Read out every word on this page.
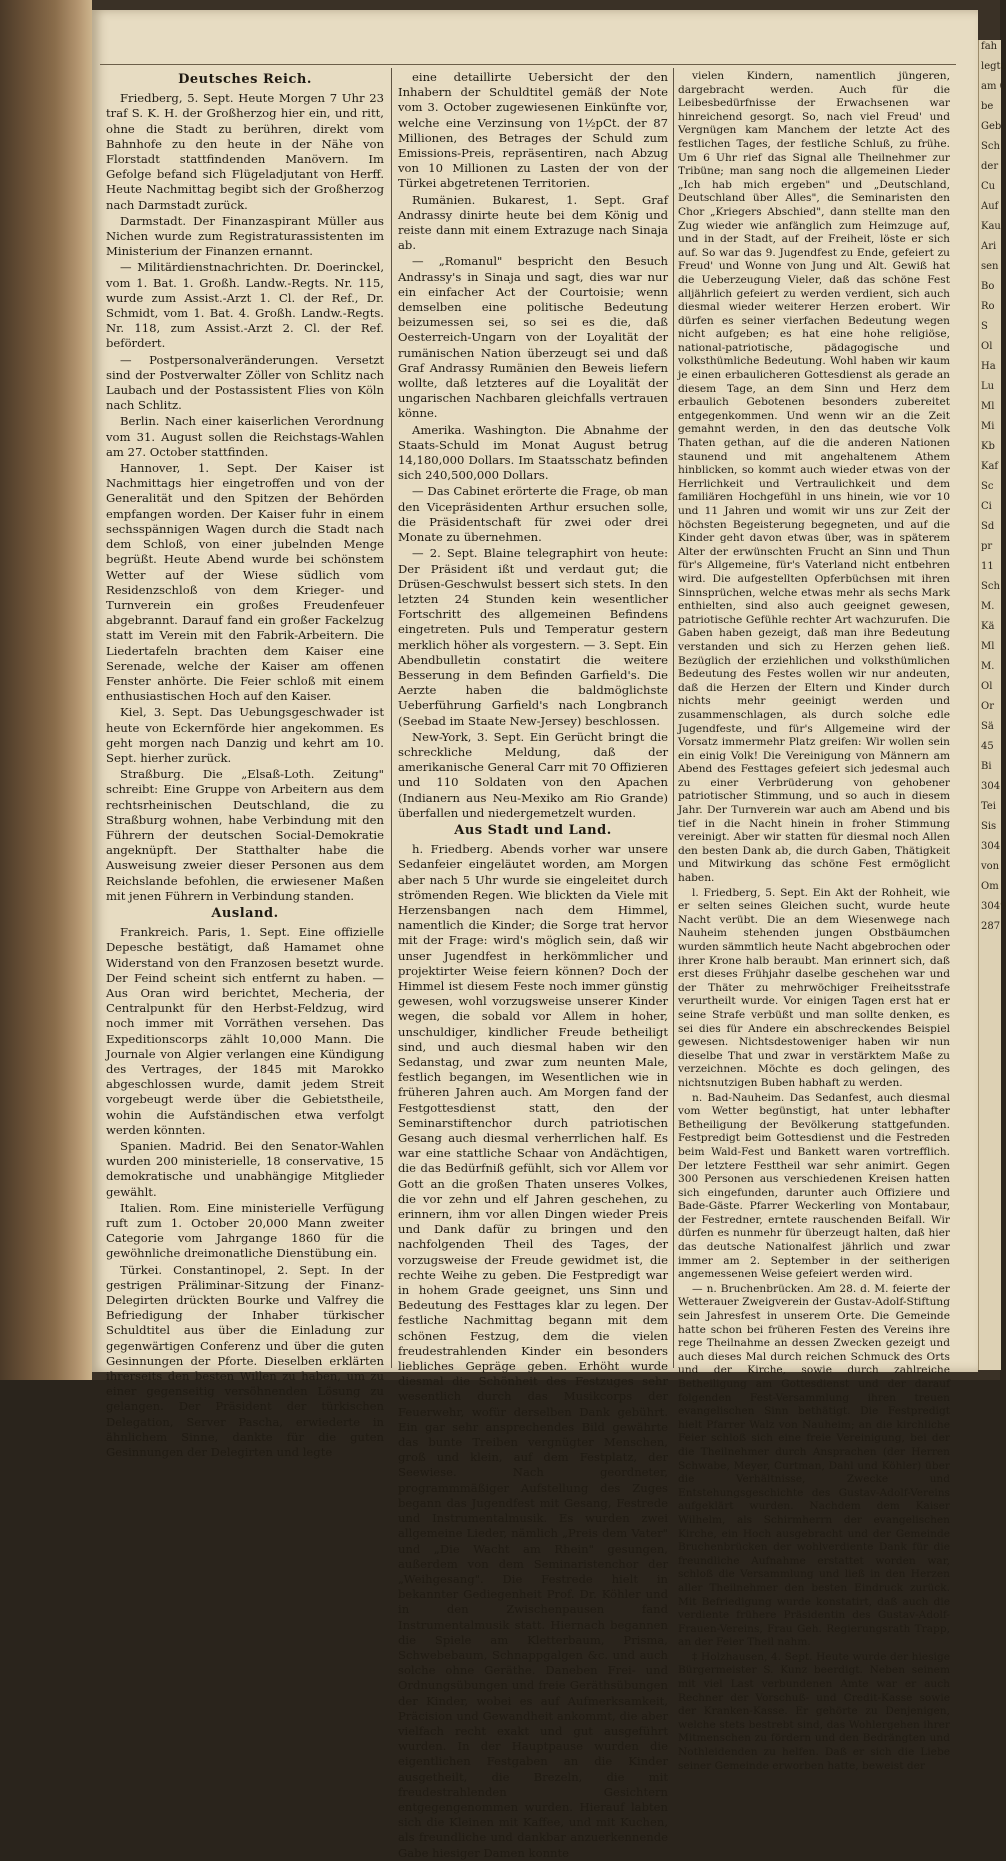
Deutsches Reich.

Friedberg, 5. Sept. Heute Morgen 7 Uhr 23 traf S. K. H. der Großherzog hier ein, und ritt, ohne die Stadt zu berühren, direkt vom Bahnhofe zu den heute in der Nähe von Florstadt stattfindenden Manövern. Im Gefolge befand sich Flügeladjutant von Herff. Heute Nachmittag begibt sich der Großherzog nach Darmstadt zurück.

Darmstadt. Der Finanzaspirant Müller aus Nichen wurde zum Registraturassistenten im Ministerium der Finanzen ernannt.

— Militärdienstnachrichten. Dr. Doerinckel, vom 1. Bat. 1. Großh. Landw.-Regts. Nr. 115, wurde zum Assist.-Arzt 1. Cl. der Ref., Dr. Schmidt, vom 1. Bat. 4. Großh. Landw.-Regts. Nr. 118, zum Assist.-Arzt 2. Cl. der Ref. befördert.

— Postpersonalveränderungen. Versetzt sind der Postverwalter Zöller von Schlitz nach Laubach und der Postassistent Flies von Köln nach Schlitz.

Berlin. Nach einer kaiserlichen Verordnung vom 31. August sollen die Reichstags-Wahlen am 27. October stattfinden.

Hannover, 1. Sept. Der Kaiser ist Nachmittags hier eingetroffen und von der Generalität und den Spitzen der Behörden empfangen worden. Der Kaiser fuhr in einem sechsspännigen Wagen durch die Stadt nach dem Schloß, von einer jubelnden Menge begrüßt. Heute Abend wurde bei schönstem Wetter auf der Wiese südlich vom Residenzschloß von dem Krieger- und Turnverein ein großes Freudenfeuer abgebrannt. Darauf fand ein großer Fackelzug statt im Verein mit den Fabrik-Arbeitern. Die Liedertafeln brachten dem Kaiser eine Serenade, welche der Kaiser am offenen Fenster anhörte. Die Feier schloß mit einem enthusiastischen Hoch auf den Kaiser.

Kiel, 3. Sept. Das Uebungsgeschwader ist heute von Eckernförde hier angekommen. Es geht morgen nach Danzig und kehrt am 10. Sept. hierher zurück.

Straßburg. Die „Elsaß-Loth. Zeitung" schreibt: Eine Gruppe von Arbeitern aus dem rechtsrheinischen Deutschland, die zu Straßburg wohnen, habe Verbindung mit den Führern der deutschen Social-Demokratie angeknüpft. Der Statthalter habe die Ausweisung zweier dieser Personen aus dem Reichslande befohlen, die erwiesener Maßen mit jenen Führern in Verbindung standen.

Ausland.

Frankreich. Paris, 1. Sept. Eine offizielle Depesche bestätigt, daß Hamamet ohne Widerstand von den Franzosen besetzt wurde. Der Feind scheint sich entfernt zu haben. — Aus Oran wird berichtet, Mecheria, der Centralpunkt für den Herbst-Feldzug, wird noch immer mit Vorräthen versehen. Das Expeditionscorps zählt 10,000 Mann. Die Journale von Algier verlangen eine Kündigung des Vertrages, der 1845 mit Marokko abgeschlossen wurde, damit jedem Streit vorgebeugt werde über die Gebietstheile, wohin die Aufständischen etwa verfolgt werden könnten.

Spanien. Madrid. Bei den Senator-Wahlen wurden 200 ministerielle, 18 conservative, 15 demokratische und unabhängige Mitglieder gewählt.

Italien. Rom. Eine ministerielle Verfügung ruft zum 1. October 20,000 Mann zweiter Categorie vom Jahrgange 1860 für die gewöhnliche dreimonatliche Dienstübung ein.

Türkei. Constantinopel, 2. Sept. In der gestrigen Präliminar-Sitzung der Finanz-Delegirten drückten Bourke und Valfrey die Befriedigung der Inhaber türkischer Schuldtitel aus über die Einladung zur gegenwärtigen Conferenz und über die guten Gesinnungen der Pforte. Dieselben erklärten ihrerseits den besten Willen zu haben, um zu einer gegenseitig versöhnenden Lösung zu gelangen. Der Präsident der türkischen Delegation, Server Pascha, erwiederte in ähnlichem Sinne, dankte für die guten Gesinnungen der Delegirten und legte

eine detaillirte Uebersicht der den Inhabern der Schuldtitel gemäß der Note vom 3. October zugewiesenen Einkünfte vor, welche eine Verzinsung von 1½pCt. der 87 Millionen, des Betrages der Schuld zum Emissions-Preis, repräsentiren, nach Abzug von 10 Millionen zu Lasten der von der Türkei abgetretenen Territorien.

Rumänien. Bukarest, 1. Sept. Graf Andrassy dinirte heute bei dem König und reiste dann mit einem Extrazuge nach Sinaja ab.

— „Romanul" bespricht den Besuch Andrassy's in Sinaja und sagt, dies war nur ein einfacher Act der Courtoisie; wenn demselben eine politische Bedeutung beizumessen sei, so sei es die, daß Oesterreich-Ungarn von der Loyalität der rumänischen Nation überzeugt sei und daß Graf Andrassy Rumänien den Beweis liefern wollte, daß letzteres auf die Loyalität der ungarischen Nachbaren gleichfalls vertrauen könne.

Amerika. Washington. Die Abnahme der Staats-Schuld im Monat August betrug 14,180,000 Dollars. Im Staatsschatz befinden sich 240,500,000 Dollars.

— Das Cabinet erörterte die Frage, ob man den Vicepräsidenten Arthur ersuchen solle, die Präsidentschaft für zwei oder drei Monate zu übernehmen.

— 2. Sept. Blaine telegraphirt von heute: Der Präsident ißt und verdaut gut; die Drüsen-Geschwulst bessert sich stets. In den letzten 24 Stunden kein wesentlicher Fortschritt des allgemeinen Befindens eingetreten. Puls und Temperatur gestern merklich höher als vorgestern. — 3. Sept. Ein Abendbulletin constatirt die weitere Besserung in dem Befinden Garfield's. Die Aerzte haben die baldmöglichste Ueberführung Garfield's nach Longbranch (Seebad im Staate New-Jersey) beschlossen.

New-York, 3. Sept. Ein Gerücht bringt die schreckliche Meldung, daß der amerikanische General Carr mit 70 Offizieren und 110 Soldaten von den Apachen (Indianern aus Neu-Mexiko am Rio Grande) überfallen und niedergemetzelt wurden.

Aus Stadt und Land.

h. Friedberg. Abends vorher war unsere Sedanfeier eingeläutet worden, am Morgen aber nach 5 Uhr wurde sie eingeleitet durch strömenden Regen. Wie blickten da Viele mit Herzensbangen nach dem Himmel, namentlich die Kinder; die Sorge trat hervor mit der Frage: wird's möglich sein, daß wir unser Jugendfest in herkömmlicher und projektirter Weise feiern können? Doch der Himmel ist diesem Feste noch immer günstig gewesen, wohl vorzugsweise unserer Kinder wegen, die sobald vor Allem in hoher, unschuldiger, kindlicher Freude betheiligt sind, und auch diesmal haben wir den Sedanstag, und zwar zum neunten Male, festlich begangen, im Wesentlichen wie in früheren Jahren auch. Am Morgen fand der Festgottesdienst statt, den der Seminarstiftenchor durch patriotischen Gesang auch diesmal verherrlichen half. Es war eine stattliche Schaar von Andächtigen, die das Bedürfniß gefühlt, sich vor Allem vor Gott an die großen Thaten unseres Volkes, die vor zehn und elf Jahren geschehen, zu erinnern, ihm vor allen Dingen wieder Preis und Dank dafür zu bringen und den nachfolgenden Theil des Tages, der vorzugsweise der Freude gewidmet ist, die rechte Weihe zu geben. Die Festpredigt war in hohem Grade geeignet, uns Sinn und Bedeutung des Festtages klar zu legen. Der festliche Nachmittag begann mit dem schönen Festzug, dem die vielen freudestrahlenden Kinder ein besonders liebliches Gepräge geben. Erhöht wurde diesmal die Schönheit des Festzuges sehr wesentlich durch das Musikcorps der Feuerwehr, wofür derselben Dank gebührt. Ein gar sehr ansprechendes Bild gewährte das bunte Treiben vergnügter Menschen, groß und klein, auf dem Festplatz, der Seewiese. Nach geordneter, programmmäßiger Aufstellung des Zuges begann das Jugendfest mit Gesang, Festrede und Instrumentalmusik. Es wurden zwei allgemeine Lieder, nämlich „Preis dem Vater" und „Die Wacht am Rhein" gesungen, außerdem von dem Seminaristenchor der „Weihgesang". Die Festrede hielt in bekannter Gediegenheit Prof. Dr. Köhler und in den Zwischenpausen fand Instrumentalmusik statt. Hiernach begannen die Spiele am Kletterbaum, Prisma, Schwebebaum, Schnappgalgen &c. und auch solche ohne Geräthe. Daneben Frei- und Ordnungsübungen und freie Geräthsübungen der Kinder, wobei es auf Aufmerksamkeit, Präcision und Gewandheit ankommt, die aber vielfach recht exakt und gut ausgeführt wurden. In der Hauptpause wurden die eigentlichen Festgaben an die Kinder ausgetheilt, die Brezeln, die mit freudestrahlenden Gesichtern entgegengenommen wurden. Hierauf labten sich die Kleinen mit Kaffee, und mit Kuchen, als freundliche und dankbar anzuerkennende Gabe hiesiger Damen konnte

vielen Kindern, namentlich jüngeren, dargebracht werden. Auch für die Leibesbedürfnisse der Erwachsenen war hinreichend gesorgt. So, nach viel Freud' und Vergnügen kam Manchem der letzte Act des festlichen Tages, der festliche Schluß, zu frühe. Um 6 Uhr rief das Signal alle Theilnehmer zur Tribüne; man sang noch die allgemeinen Lieder „Ich hab mich ergeben" und „Deutschland, Deutschland über Alles", die Seminaristen den Chor „Kriegers Abschied", dann stellte man den Zug wieder wie anfänglich zum Heimzuge auf, und in der Stadt, auf der Freiheit, löste er sich auf. So war das 9. Jugendfest zu Ende, gefeiert zu Freud' und Wonne von Jung und Alt. Gewiß hat die Ueberzeugung Vieler, daß das schöne Fest alljährlich gefeiert zu werden verdient, sich auch diesmal wieder weiterer Herzen erobert. Wir dürfen es seiner vierfachen Bedeutung wegen nicht aufgeben; es hat eine hohe religiöse, national-patriotische, pädagogische und volksthümliche Bedeutung. Wohl haben wir kaum je einen erbaulicheren Gottesdienst als gerade an diesem Tage, an dem Sinn und Herz dem erbaulich Gebotenen besonders zubereitet entgegenkommen. Und wenn wir an die Zeit gemahnt werden, in den das deutsche Volk Thaten gethan, auf die die anderen Nationen staunend und mit angehaltenem Athem hinblicken, so kommt auch wieder etwas von der Herrlichkeit und Vertraulichkeit und dem familiären Hochgefühl in uns hinein, wie vor 10 und 11 Jahren und womit wir uns zur Zeit der höchsten Begeisterung begegneten, und auf die Kinder geht davon etwas über, was in späterem Alter der erwünschten Frucht an Sinn und Thun für's Allgemeine, für's Vaterland nicht entbehren wird. Die aufgestellten Opferbüchsen mit ihren Sinnsprüchen, welche etwas mehr als sechs Mark enthielten, sind also auch geeignet gewesen, patriotische Gefühle rechter Art wachzurufen. Die Gaben haben gezeigt, daß man ihre Bedeutung verstanden und sich zu Herzen gehen ließ. Bezüglich der erziehlichen und volksthümlichen Bedeutung des Festes wollen wir nur andeuten, daß die Herzen der Eltern und Kinder durch nichts mehr geeinigt werden und zusammenschlagen, als durch solche edle Jugendfeste, und für's Allgemeine wird der Vorsatz immermehr Platz greifen: Wir wollen sein ein einig Volk! Die Vereinigung von Männern am Abend des Festtages gefeiert sich jedesmal auch zu einer Verbrüderung von gehobener patriotischer Stimmung, und so auch in diesem Jahr. Der Turnverein war auch am Abend und bis tief in die Nacht hinein in froher Stimmung vereinigt. Aber wir statten für diesmal noch Allen den besten Dank ab, die durch Gaben, Thätigkeit und Mitwirkung das schöne Fest ermöglicht haben.

l. Friedberg, 5. Sept. Ein Akt der Rohheit, wie er selten seines Gleichen sucht, wurde heute Nacht verübt. Die an dem Wiesenwege nach Nauheim stehenden jungen Obstbäumchen wurden sämmtlich heute Nacht abgebrochen oder ihrer Krone halb beraubt. Man erinnert sich, daß erst dieses Frühjahr daselbe geschehen war und der Thäter zu mehrwöchiger Freiheitsstrafe verurtheilt wurde. Vor einigen Tagen erst hat er seine Strafe verbüßt und man sollte denken, es sei dies für Andere ein abschreckendes Beispiel gewesen. Nichtsdestoweniger haben wir nun dieselbe That und zwar in verstärktem Maße zu verzeichnen. Möchte es doch gelingen, des nichtsnutzigen Buben habhaft zu werden.

n. Bad-Nauheim. Das Sedanfest, auch diesmal vom Wetter begünstigt, hat unter lebhafter Betheiligung der Bevölkerung stattgefunden. Festpredigt beim Gottesdienst und die Festreden beim Wald-Fest und Bankett waren vortrefflich. Der letztere Festtheil war sehr animirt. Gegen 300 Personen aus verschiedenen Kreisen hatten sich eingefunden, darunter auch Offiziere und Bade-Gäste. Pfarrer Weckerling von Montabaur, der Festredner, erntete rauschenden Beifall. Wir dürfen es nunmehr für überzeugt halten, daß hier das deutsche Nationalfest jährlich und zwar immer am 2. September in der seitherigen angemessenen Weise gefeiert werden wird.

— n. Bruchenbrücken. Am 28. d. M. feierte der Wetterauer Zweigverein der Gustav-Adolf-Stiftung sein Jahresfest in unserem Orte. Die Gemeinde hatte schon bei früheren Festen des Vereins ihre rege Theilnahme an dessen Zwecken gezeigt und auch dieses Mal durch reichen Schmuck des Orts und der Kirche, sowie durch zahlreiche Betheiligung am Gottesdienst und der darauf folgenden Fest-Versammlung ihren treuen evangelischen Sinn bethätigt. Die Festpredigt hielt Pfarrer Walz von Nauheim; an die kirchliche Feier schloß sich eine freie Vereinigung, bei der die Theilnehmer durch Ansprachen (der Herren Schwabe, Meyer, Curtman, Dahl und Köhler) über die Verhältnisse, Zwecke und Entstehungsgeschichte des Gustav-Adolf-Vereins aufgeklärt wurden. Nachdem dem Kaiser Wilhelm, als Schirmherrn der evangelischen Kirche, ein Hoch ausgebracht und der Gemeinde Bruchenbrücken der wohlverdiente Dank für die freundliche Aufnahme erstattet worden war, schloß die Versammlung und ließ in den Herzen aller Theilnehmer den besten Eindruck zurück. Mit Befriedigung wurde konstatirt, daß auch die verdiente frühere Präsidentin des Gustav-Adolf-Frauen-Vereins, Frau Geh. Regierungsrath Trapp, an der Feier Theil nahm.

‡ Holzhausen, 4. Sept. Heute wurde der hiesige Bürgermeister S. Kunz beerdigt. Neben seinem mit viel Last verbundenen Amte war er auch Rechner der Vorschuß- und Credit-Kasse sowie der Kranken-Kasse. Er gehörte zu Denjenigen, welche stets bestrebt sind, das Wohlergehen ihrer Mitmenschen zu fördern und den Bedrängten und Nothleidenden zu helfen. Daß er sich die Liebe seiner Gemeinde erworben hatte, beweist der

fah
legte
am 6
be
Geb
Sch
der
Cu
Auf
Kau
Ari
sen
Bo
Ro
S
Ol
Ha
Lu
Ml
Mi
Kb
Kaf
Sc
Ci
Sd
pr
11
Sch
M.
Kä
Ml
M.
Ol
Or
Sä
45
Bi
304
Tei
Sis
304
von
Om
3049
287
